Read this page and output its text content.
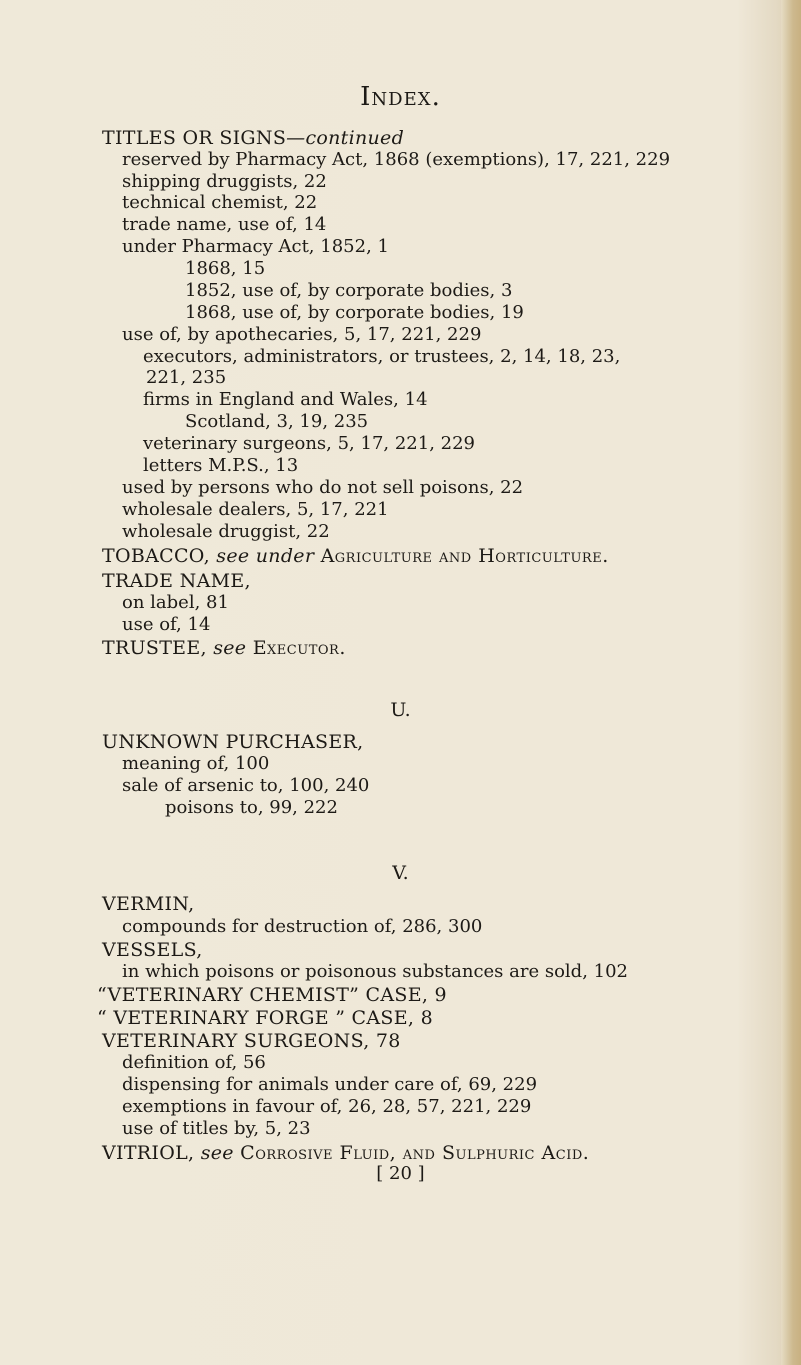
Index.
TITLES OR SIGNS—continued
reserved by Pharmacy Act, 1868 (exemptions), 17, 221, 229
shipping druggists, 22
technical chemist, 22
trade name, use of, 14
under Pharmacy Act, 1852, 1
1868, 15
1852, use of, by corporate bodies, 3
1868, use of, by corporate bodies, 19
use of, by apothecaries, 5, 17, 221, 229
executors, administrators, or trustees, 2, 14, 18, 23,
221, 235
firms in England and Wales, 14
Scotland, 3, 19, 235
veterinary surgeons, 5, 17, 221, 229
letters M.P.S., 13
used by persons who do not sell poisons, 22
wholesale dealers, 5, 17, 221
wholesale druggist, 22
TOBACCO, see under Agriculture and Horticulture.
TRADE NAME,
on label, 81
use of, 14
TRUSTEE, see Executor.
U.
UNKNOWN PURCHASER,
meaning of, 100
sale of arsenic to, 100, 240
poisons to, 99, 222
V.
VERMIN,
compounds for destruction of, 286, 300
VESSELS,
in which poisons or poisonous substances are sold, 102
“VETERINARY CHEMIST” CASE, 9
“ VETERINARY FORGE ” CASE, 8
VETERINARY SURGEONS, 78
definition of, 56
dispensing for animals under care of, 69, 229
exemptions in favour of, 26, 28, 57, 221, 229
use of titles by, 5, 23
VITRIOL, see Corrosive Fluid, and Sulphuric Acid.
[ 20 ]
